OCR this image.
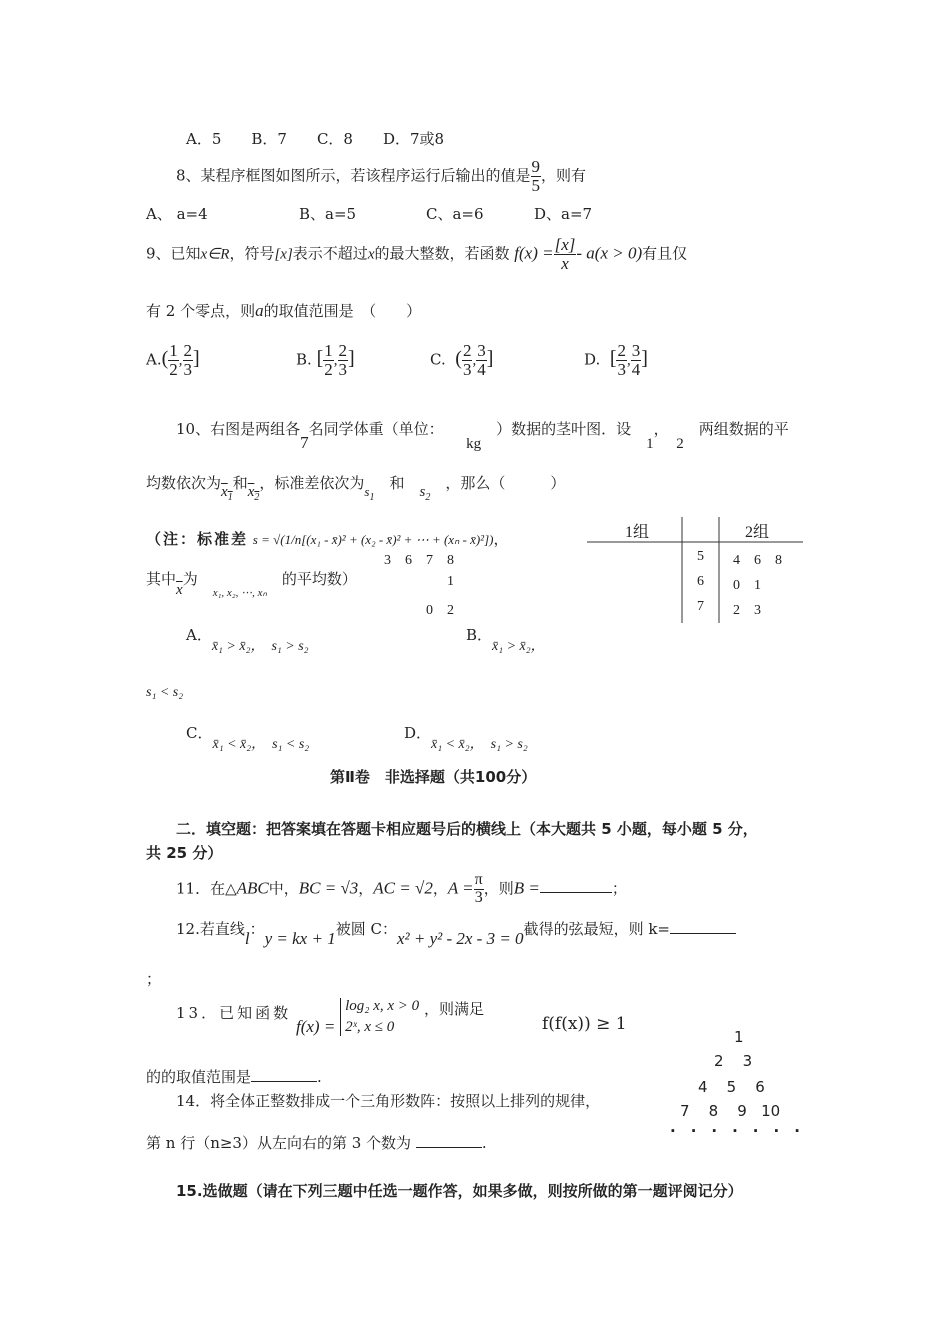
A．5　　B．7　　C．8　　D．7或8
8、某程序框图如图所示，若该程序运行后输出的值是 $\frac{9}{5}$ ，则有
A、 a=4	B、a=5	C、a=6	D、a=7
9、已知x∈R，符号[x]表示不超过x的最大整数，若函数 $f(x) = \frac{[x]}{x} - a(x > 0)$有且仅
有 2 个零点，则a的取值范围是　（　　）
$A.( \frac{1}{2}$ , $\frac{2}{3}$ ]	B. [ $\frac{1}{2}$ , $\frac{2}{3}$ ]	C. ( $\frac{2}{3}$ , $\frac{3}{4}$ ]	D. [ $\frac{2}{3}$ , $\frac{3}{4}$ ]
10、右图是两组各7名同学体重（单位：　　kg　）数据的茎叶图．设　1，　2　两组数据的平
均数依次为$x_1$和$x_2$，标准差依次为$s_1$　和　 $s_2$　，那么（　　　）
（注：标准差 s = √(1/n[(x₁ - x̄)² + (x₂ - x̄)² + ⋯ + (xₙ - x̄)²])，
其中$\overline{x}$为　$_{x_1, x_2, \cdots, x_n}$　的平均数）
1组	2组
3　6　7　8	5 4　6　8
1	6 0　1
0　2	7 2　3
A．x̄₁ > x̄₂，　s₁ > s₂
B．x̄₁ > x̄₂，
s₁ < s₂
C．x̄₁ < x̄₂，　s₁ < s₂
D．x̄₁ < x̄₂，　s₁ > s₂
第Ⅱ卷　非选择题（共100分）
二．填空题：把答案填在答题卡相应题号后的横线上（本大题共 5 小题，每小题 5 分，
共 25 分）
11．在△ABC中，BC = √3，AC = √2，$A = \frac{\pi}{3}$ ，则B =	；
12.若直线l：y = kx + 1被圆 C：x² + y² - 2x - 3 = 0截得的弦最短，则 k=
；
13．已知函数
f(x) =
log₂ x, x > 0
2ˣ, x ≤ 0
，则满足
f(f(x)) ≥ 1
的的取值范围是	.
1
2 3
4 5 6
7 8 9 10
·　·　·　·　·　·　·
14．将全体正整数排成一个三角形数阵：按照以上排列的规律，
第 n 行（n≥3）从左向右的第 3 个数为	.
15.选做题（请在下列三题中任选一题作答，如果多做，则按所做的第一题评阅记分）
